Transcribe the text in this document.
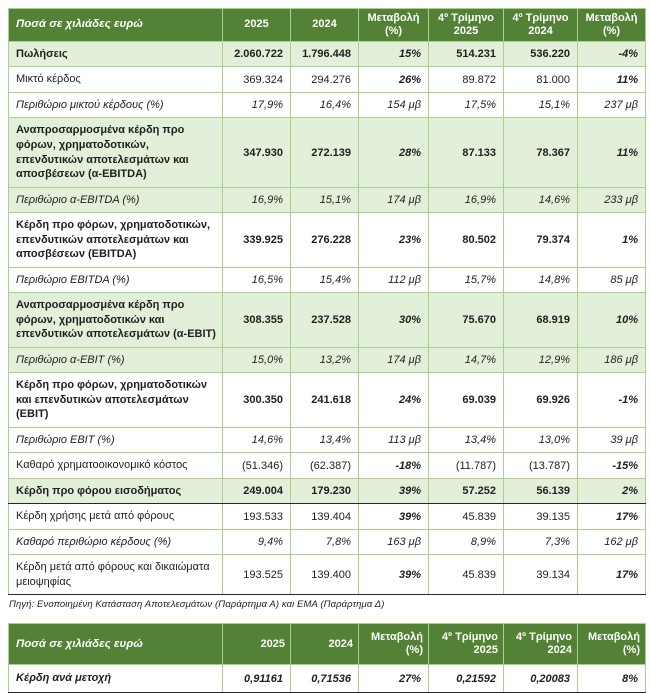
Ποσά σε χιλιάδες ευρώ	2025	2024	Μεταβολή (%)	4º Τρίμηνο 2025	4º Τρίμηνο 2024	Μεταβολή (%)
Πωλήσεις	2.060.722	1.796.448	15%	514.231	536.220	-4%
Μικτό κέρδος	369.324	294.276	26%	89.872	81.000	11%
Περιθώριο μικτού κέρδους (%)	17,9%	16,4%	154 μβ	17,5%	15,1%	237 μβ
Αναπροσαρμοσμένα κέρδη προ φόρων, χρηματοδοτικών, επενδυτικών αποτελεσμάτων και αποσβέσεων (α-EBITDA)	347.930	272.139	28%	87.133	78.367	11%
Περιθώριο α-EBITDA (%)	16,9%	15,1%	174 μβ	16,9%	14,6%	233 μβ
Κέρδη προ φόρων, χρηματοδοτικών, επενδυτικών αποτελεσμάτων και αποσβέσεων (EBITDA)	339.925	276.228	23%	80.502	79.374	1%
Περιθώριο EBITDA (%)	16,5%	15,4%	112 μβ	15,7%	14,8%	85 μβ
Αναπροσαρμοσμένα κέρδη προ φόρων, χρηματοδοτικών και επενδυτικών αποτελεσμάτων (α-EBIT)	308.355	237.528	30%	75.670	68.919	10%
Περιθώριο α-EBIT (%)	15,0%	13,2%	174 μβ	14,7%	12,9%	186 μβ
Κέρδη προ φόρων, χρηματοδοτικών και επενδυτικών αποτελεσμάτων (EBIT)	300.350	241.618	24%	69.039	69.926	-1%
Περιθώριο EBIT (%)	14,6%	13,4%	113 μβ	13,4%	13,0%	39 μβ
Καθαρό χρηματοοικονομικό κόστος	(51.346)	(62.387)	-18%	(11.787)	(13.787)	-15%
Κέρδη προ φόρου εισοδήματος	249.004	179.230	39%	57.252	56.139	2%
Κέρδη χρήσης μετά από φόρους	193.533	139.404	39%	45.839	39.135	17%
Καθαρό περιθώριο κέρδους (%)	9,4%	7,8%	163 μβ	8,9%	7,3%	162 μβ
Κέρδη μετά από φόρους και δικαιώματα μειοψηφίας	193.525	139.400	39%	45.839	39.134	17%
Πηγή: Ενοποιημένη Κατάσταση Αποτελεσμάτων (Παράρτημα Α) και ΕΜΑ (Παράρτημα Δ)
Ποσά σε χιλιάδες ευρώ	2025	2024	Μεταβολή (%)	4º Τρίμηνο 2025	4º Τρίμηνο 2024	Μεταβολή (%)
Κέρδη ανά μετοχή	0,91161	0,71536	27%	0,21592	0,20083	8%
